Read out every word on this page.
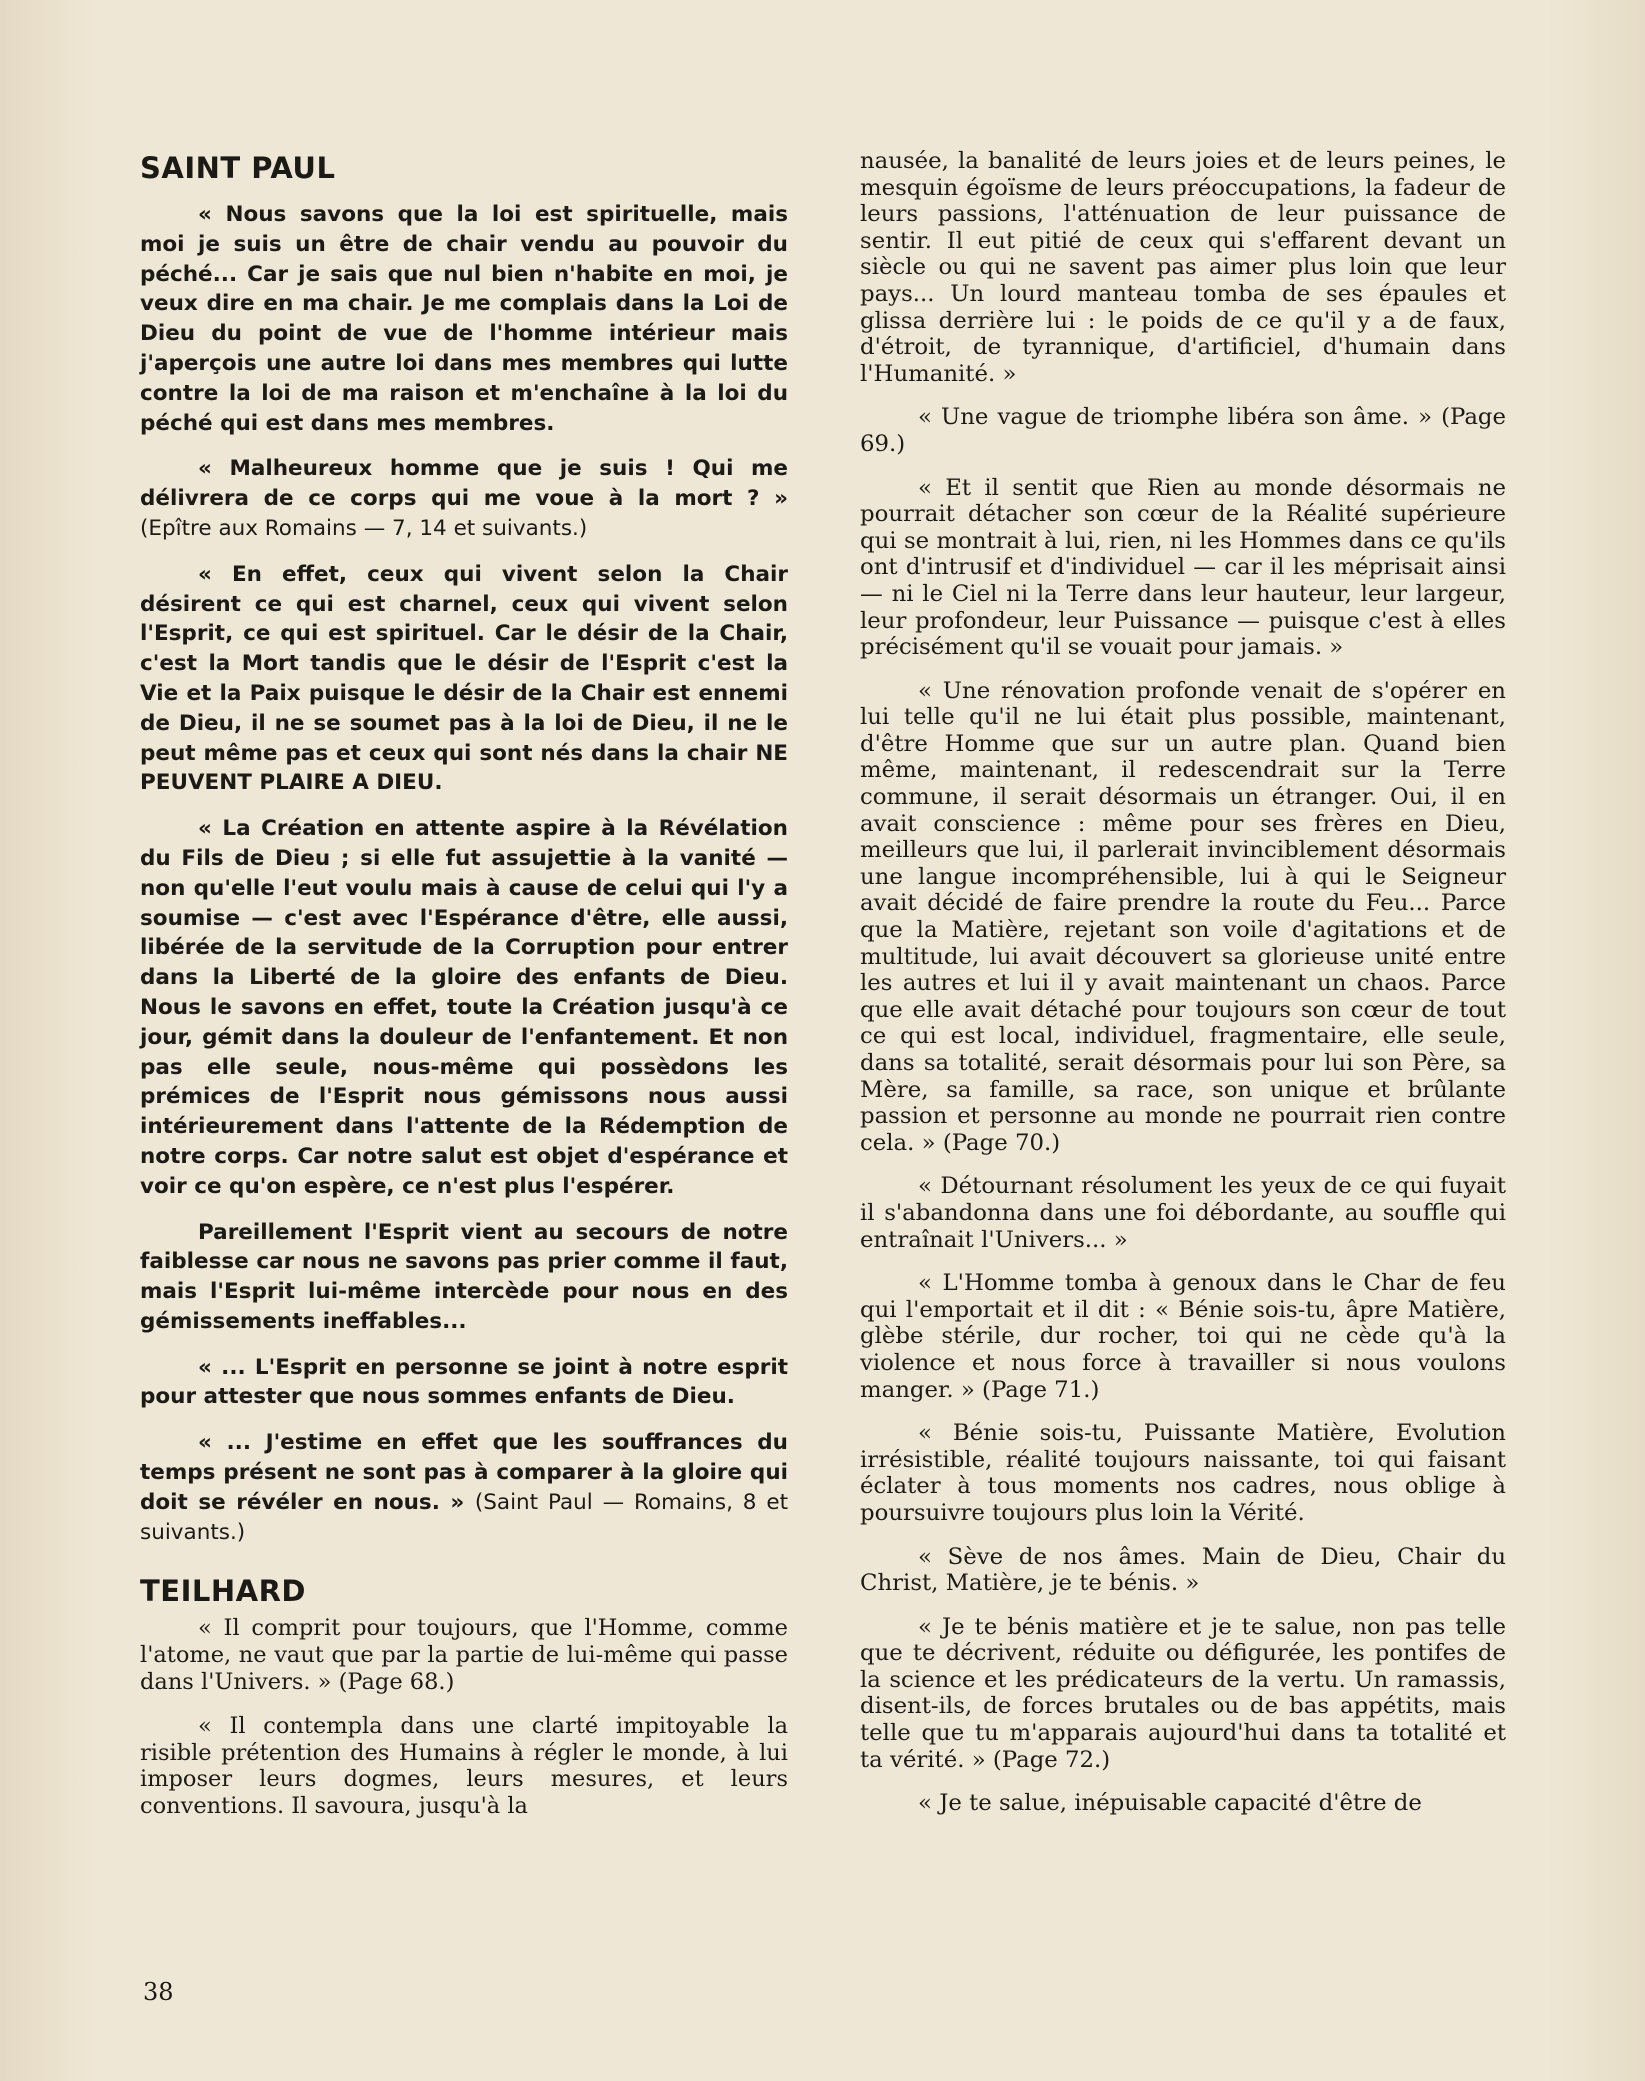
SAINT PAUL

« Nous savons que la loi est spirituelle, mais moi je suis un être de chair vendu au pouvoir du péché... Car je sais que nul bien n'habite en moi, je veux dire en ma chair. Je me complais dans la Loi de Dieu du point de vue de l'homme intérieur mais j'aperçois une autre loi dans mes membres qui lutte contre la loi de ma raison et m'enchaîne à la loi du péché qui est dans mes membres.

« Malheureux homme que je suis ! Qui me délivrera de ce corps qui me voue à la mort ? » (Epître aux Romains — 7, 14 et suivants.)

« En effet, ceux qui vivent selon la Chair désirent ce qui est charnel, ceux qui vivent selon l'Esprit, ce qui est spirituel. Car le désir de la Chair, c'est la Mort tandis que le désir de l'Esprit c'est la Vie et la Paix puisque le désir de la Chair est ennemi de Dieu, il ne se soumet pas à la loi de Dieu, il ne le peut même pas et ceux qui sont nés dans la chair NE PEUVENT PLAIRE A DIEU.

« La Création en attente aspire à la Révélation du Fils de Dieu ; si elle fut assujettie à la vanité — non qu'elle l'eut voulu mais à cause de celui qui l'y a soumise — c'est avec l'Espérance d'être, elle aussi, libérée de la servitude de la Corruption pour entrer dans la Liberté de la gloire des enfants de Dieu. Nous le savons en effet, toute la Création jusqu'à ce jour, gémit dans la douleur de l'enfantement. Et non pas elle seule, nous-même qui possèdons les prémices de l'Esprit nous gémissons nous aussi intérieurement dans l'attente de la Rédemption de notre corps. Car notre salut est objet d'espérance et voir ce qu'on espère, ce n'est plus l'espérer.

Pareillement l'Esprit vient au secours de notre faiblesse car nous ne savons pas prier comme il faut, mais l'Esprit lui-même intercède pour nous en des gémissements ineffables...

« ... L'Esprit en personne se joint à notre esprit pour attester que nous sommes enfants de Dieu.

« ... J'estime en effet que les souffrances du temps présent ne sont pas à comparer à la gloire qui doit se révéler en nous. » (Saint Paul — Romains, 8 et suivants.)

TEILHARD

« Il comprit pour toujours, que l'Homme, comme l'atome, ne vaut que par la partie de lui-même qui passe dans l'Univers. » (Page 68.)

« Il contempla dans une clarté impitoyable la risible prétention des Humains à régler le monde, à lui imposer leurs dogmes, leurs mesures, et leurs conventions. Il savoura, jusqu'à la

nausée, la banalité de leurs joies et de leurs peines, le mesquin égoïsme de leurs préoccupations, la fadeur de leurs passions, l'atténuation de leur puissance de sentir. Il eut pitié de ceux qui s'effarent devant un siècle ou qui ne savent pas aimer plus loin que leur pays... Un lourd manteau tomba de ses épaules et glissa derrière lui : le poids de ce qu'il y a de faux, d'étroit, de tyrannique, d'artificiel, d'humain dans l'Humanité. »

« Une vague de triomphe libéra son âme. » (Page 69.)

« Et il sentit que Rien au monde désormais ne pourrait détacher son cœur de la Réalité supérieure qui se montrait à lui, rien, ni les Hommes dans ce qu'ils ont d'intrusif et d'individuel — car il les méprisait ainsi — ni le Ciel ni la Terre dans leur hauteur, leur largeur, leur profondeur, leur Puissance — puisque c'est à elles précisément qu'il se vouait pour jamais. »

« Une rénovation profonde venait de s'opérer en lui telle qu'il ne lui était plus possible, maintenant, d'être Homme que sur un autre plan. Quand bien même, maintenant, il redescendrait sur la Terre commune, il serait désormais un étranger. Oui, il en avait conscience : même pour ses frères en Dieu, meilleurs que lui, il parlerait invinciblement désormais une langue incompréhensible, lui à qui le Seigneur avait décidé de faire prendre la route du Feu... Parce que la Matière, rejetant son voile d'agitations et de multitude, lui avait découvert sa glorieuse unité entre les autres et lui il y avait maintenant un chaos. Parce que elle avait détaché pour toujours son cœur de tout ce qui est local, individuel, fragmentaire, elle seule, dans sa totalité, serait désormais pour lui son Père, sa Mère, sa famille, sa race, son unique et brûlante passion et personne au monde ne pourrait rien contre cela. » (Page 70.)

« Détournant résolument les yeux de ce qui fuyait il s'abandonna dans une foi débordante, au souffle qui entraînait l'Univers... »

« L'Homme tomba à genoux dans le Char de feu qui l'emportait et il dit : « Bénie sois-tu, âpre Matière, glèbe stérile, dur rocher, toi qui ne cède qu'à la violence et nous force à travailler si nous voulons manger. » (Page 71.)

« Bénie sois-tu, Puissante Matière, Evolution irrésistible, réalité toujours naissante, toi qui faisant éclater à tous moments nos cadres, nous oblige à poursuivre toujours plus loin la Vérité.

« Sève de nos âmes. Main de Dieu, Chair du Christ, Matière, je te bénis. »

« Je te bénis matière et je te salue, non pas telle que te décrivent, réduite ou défigurée, les pontifes de la science et les prédicateurs de la vertu. Un ramassis, disent-ils, de forces brutales ou de bas appétits, mais telle que tu m'apparais aujourd'hui dans ta totalité et ta vérité. » (Page 72.)

« Je te salue, inépuisable capacité d'être de

38
